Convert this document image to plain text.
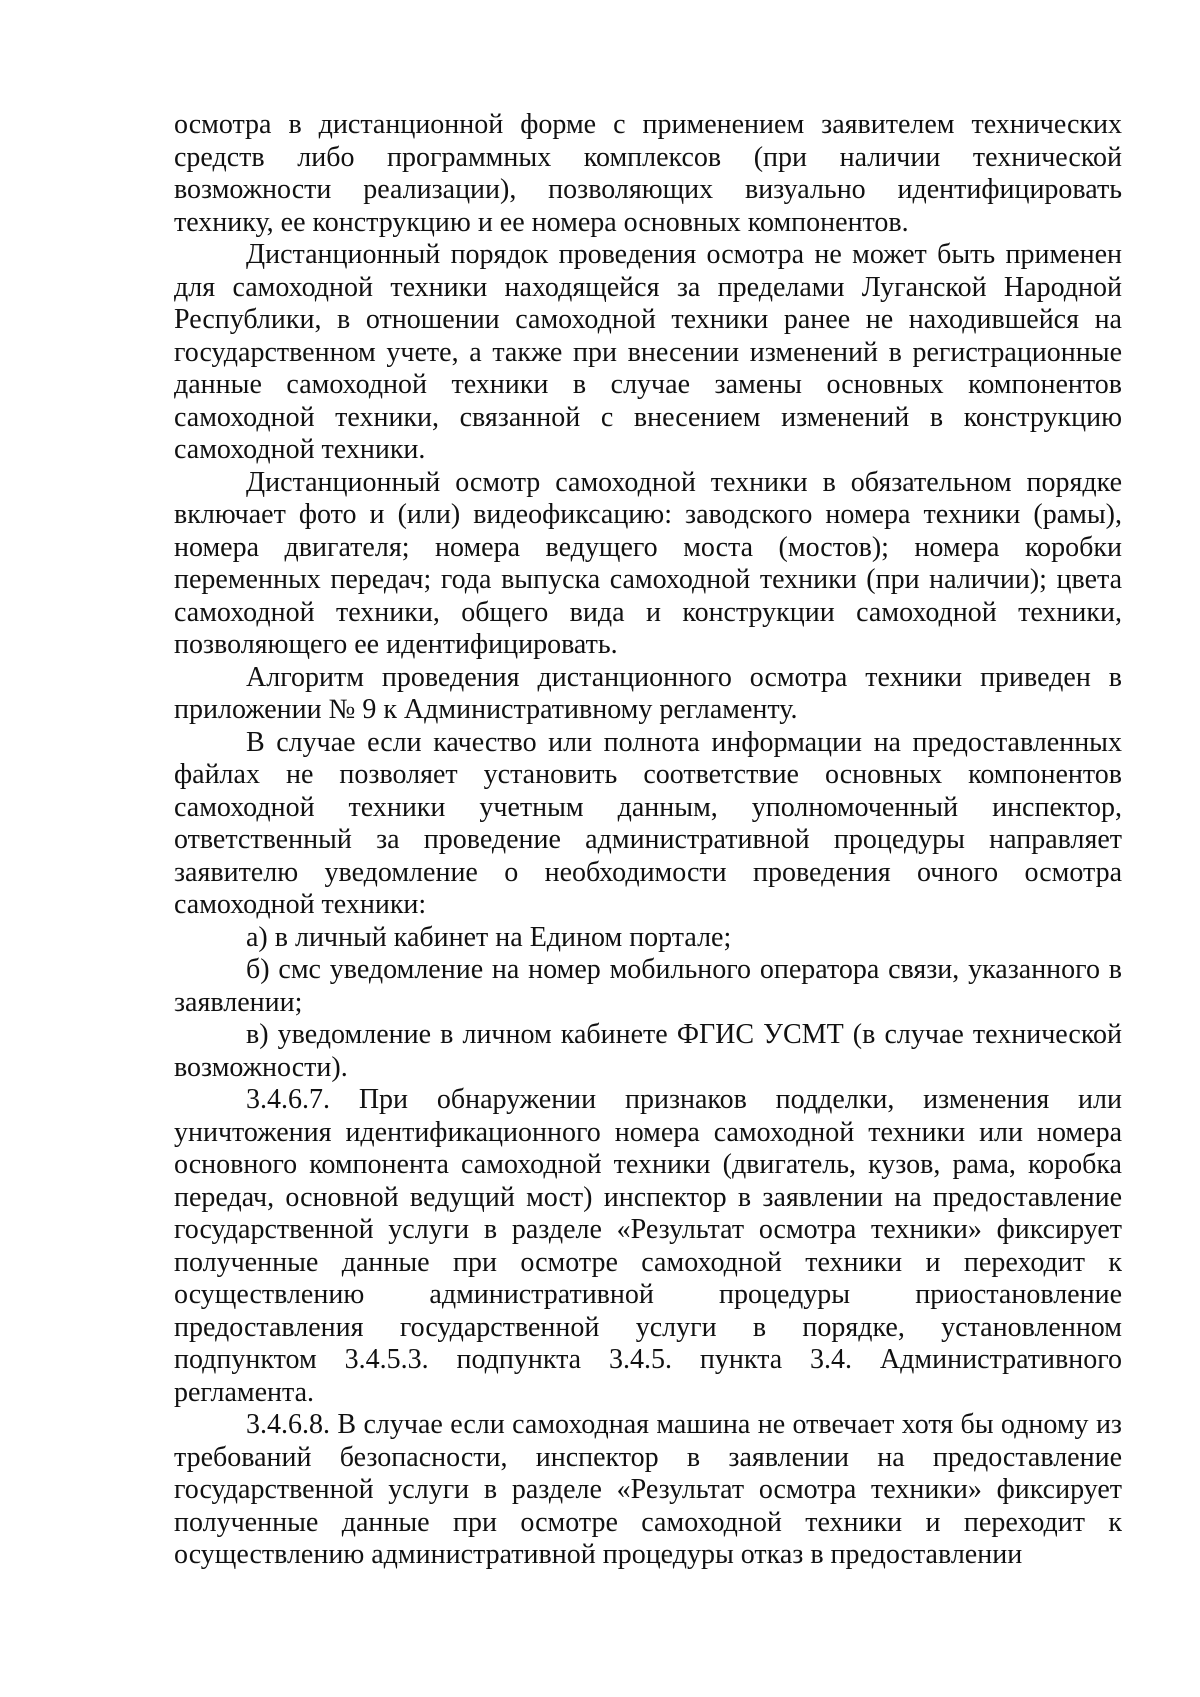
осмотра в дистанционной форме с применением заявителем технических средств либо программных комплексов (при наличии технической возможности реализации), позволяющих визуально идентифицировать технику, ее конструкцию и ее номера основных компонентов.

Дистанционный порядок проведения осмотра не может быть применен для самоходной техники находящейся за пределами Луганской Народной Республики, в отношении самоходной техники ранее не находившейся на государственном учете, а также при внесении изменений в регистрационные данные самоходной техники в случае замены основных компонентов самоходной техники, связанной с внесением изменений в конструкцию самоходной техники.

Дистанционный осмотр самоходной техники в обязательном порядке включает фото и (или) видеофиксацию: заводского номера техники (рамы), номера двигателя; номера ведущего моста (мостов); номера коробки переменных передач; года выпуска самоходной техники (при наличии); цвета самоходной техники, общего вида и конструкции самоходной техники, позволяющего ее идентифицировать.

Алгоритм проведения дистанционного осмотра техники приведен в приложении № 9 к Административному регламенту.

В случае если качество или полнота информации на предоставленных файлах не позволяет установить соответствие основных компонентов самоходной техники учетным данным, уполномоченный инспектор, ответственный за проведение административной процедуры направляет заявителю уведомление о необходимости проведения очного осмотра самоходной техники:

а) в личный кабинет на Едином портале;

б) смс уведомление на номер мобильного оператора связи, указанного в заявлении;

в) уведомление в личном кабинете ФГИС УСМТ (в случае технической возможности).

3.4.6.7. При обнаружении признаков подделки, изменения или уничтожения идентификационного номера самоходной техники или номера основного компонента самоходной техники (двигатель, кузов, рама, коробка передач, основной ведущий мост) инспектор в заявлении на предоставление государственной услуги в разделе «Результат осмотра техники» фиксирует полученные данные при осмотре самоходной техники и переходит к осуществлению административной процедуры приостановление предоставления государственной услуги в порядке, установленном подпунктом 3.4.5.3. подпункта 3.4.5. пункта 3.4. Административного регламента.

3.4.6.8. В случае если самоходная машина не отвечает хотя бы одному из требований безопасности, инспектор в заявлении на предоставление государственной услуги в разделе «Результат осмотра техники» фиксирует полученные данные при осмотре самоходной техники и переходит к осуществлению административной процедуры отказ в предоставлении
